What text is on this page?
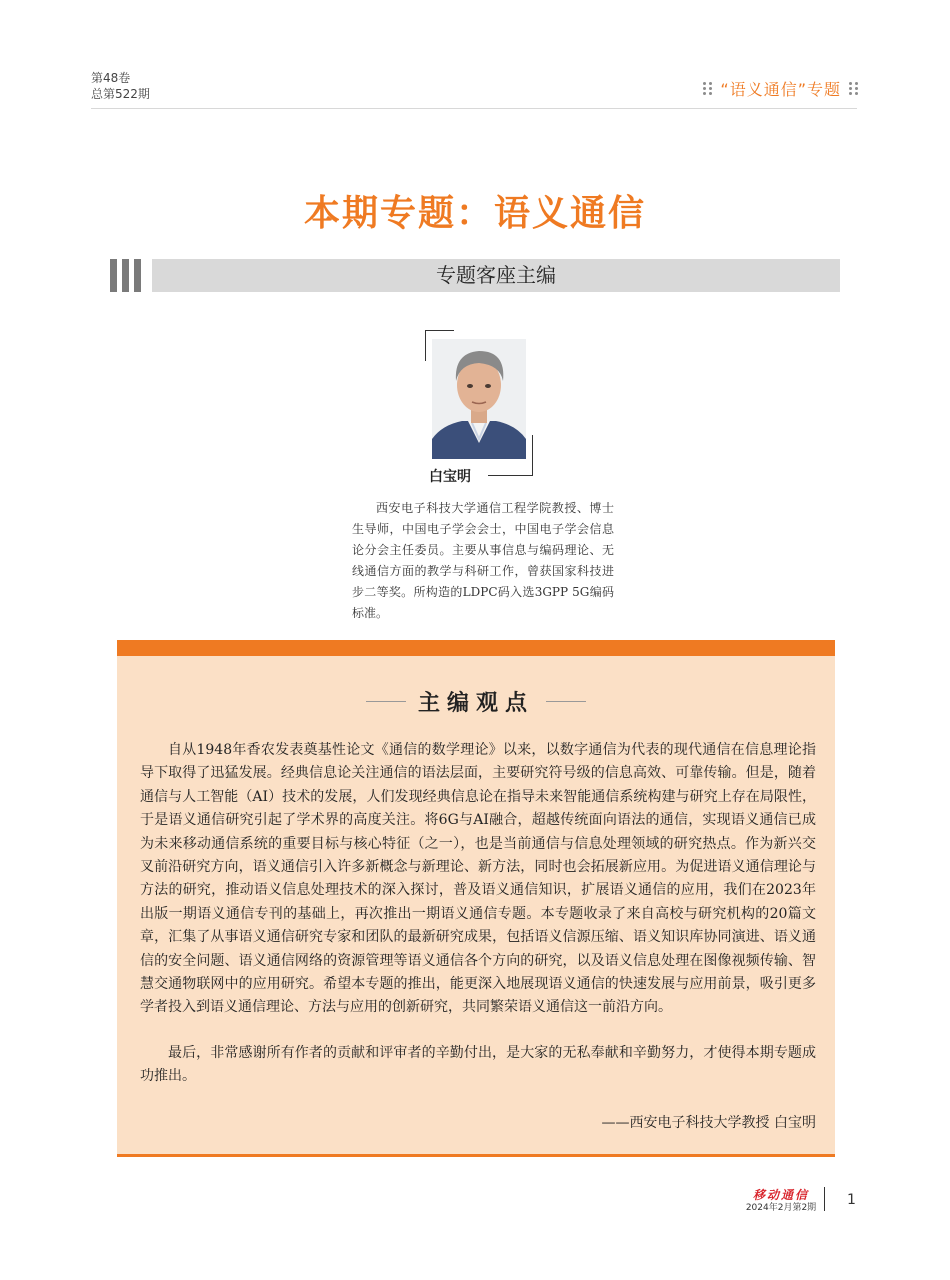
第48卷
总第522期	“语义通信”专题
本期专题：语义通信
专题客座主编
白宝明
西安电子科技大学通信工程学院教授、博士生导师，中国电子学会会士，中国电子学会信息论分会主任委员。主要从事信息与编码理论、无线通信方面的教学与科研工作，曾获国家科技进步二等奖。所构造的LDPC码入选3GPP 5G编码标准。
主编观点
自从1948年香农发表奠基性论文《通信的数学理论》以来，以数字通信为代表的现代通信在信息理论指导下取得了迅猛发展。经典信息论关注通信的语法层面，主要研究符号级的信息高效、可靠传输。但是，随着通信与人工智能（AI）技术的发展，人们发现经典信息论在指导未来智能通信系统构建与研究上存在局限性，于是语义通信研究引起了学术界的高度关注。将6G与AI融合，超越传统面向语法的通信，实现语义通信已成为未来移动通信系统的重要目标与核心特征（之一），也是当前通信与信息处理领域的研究热点。作为新兴交叉前沿研究方向，语义通信引入许多新概念与新理论、新方法，同时也会拓展新应用。为促进语义通信理论与方法的研究，推动语义信息处理技术的深入探讨，普及语义通信知识，扩展语义通信的应用，我们在2023年出版一期语义通信专刊的基础上，再次推出一期语义通信专题。本专题收录了来自高校与研究机构的20篇文章，汇集了从事语义通信研究专家和团队的最新研究成果，包括语义信源压缩、语义知识库协同演进、语义通信的安全问题、语义通信网络的资源管理等语义通信各个方向的研究，以及语义信息处理在图像视频传输、智慧交通物联网中的应用研究。希望本专题的推出，能更深入地展现语义通信的快速发展与应用前景，吸引更多学者投入到语义通信理论、方法与应用的创新研究，共同繁荣语义通信这一前沿方向。
最后，非常感谢所有作者的贡献和评审者的辛勤付出，是大家的无私奉献和辛勤努力，才使得本期专题成功推出。
——西安电子科技大学教授 白宝明
移动通信
2024年2月第2期 1
